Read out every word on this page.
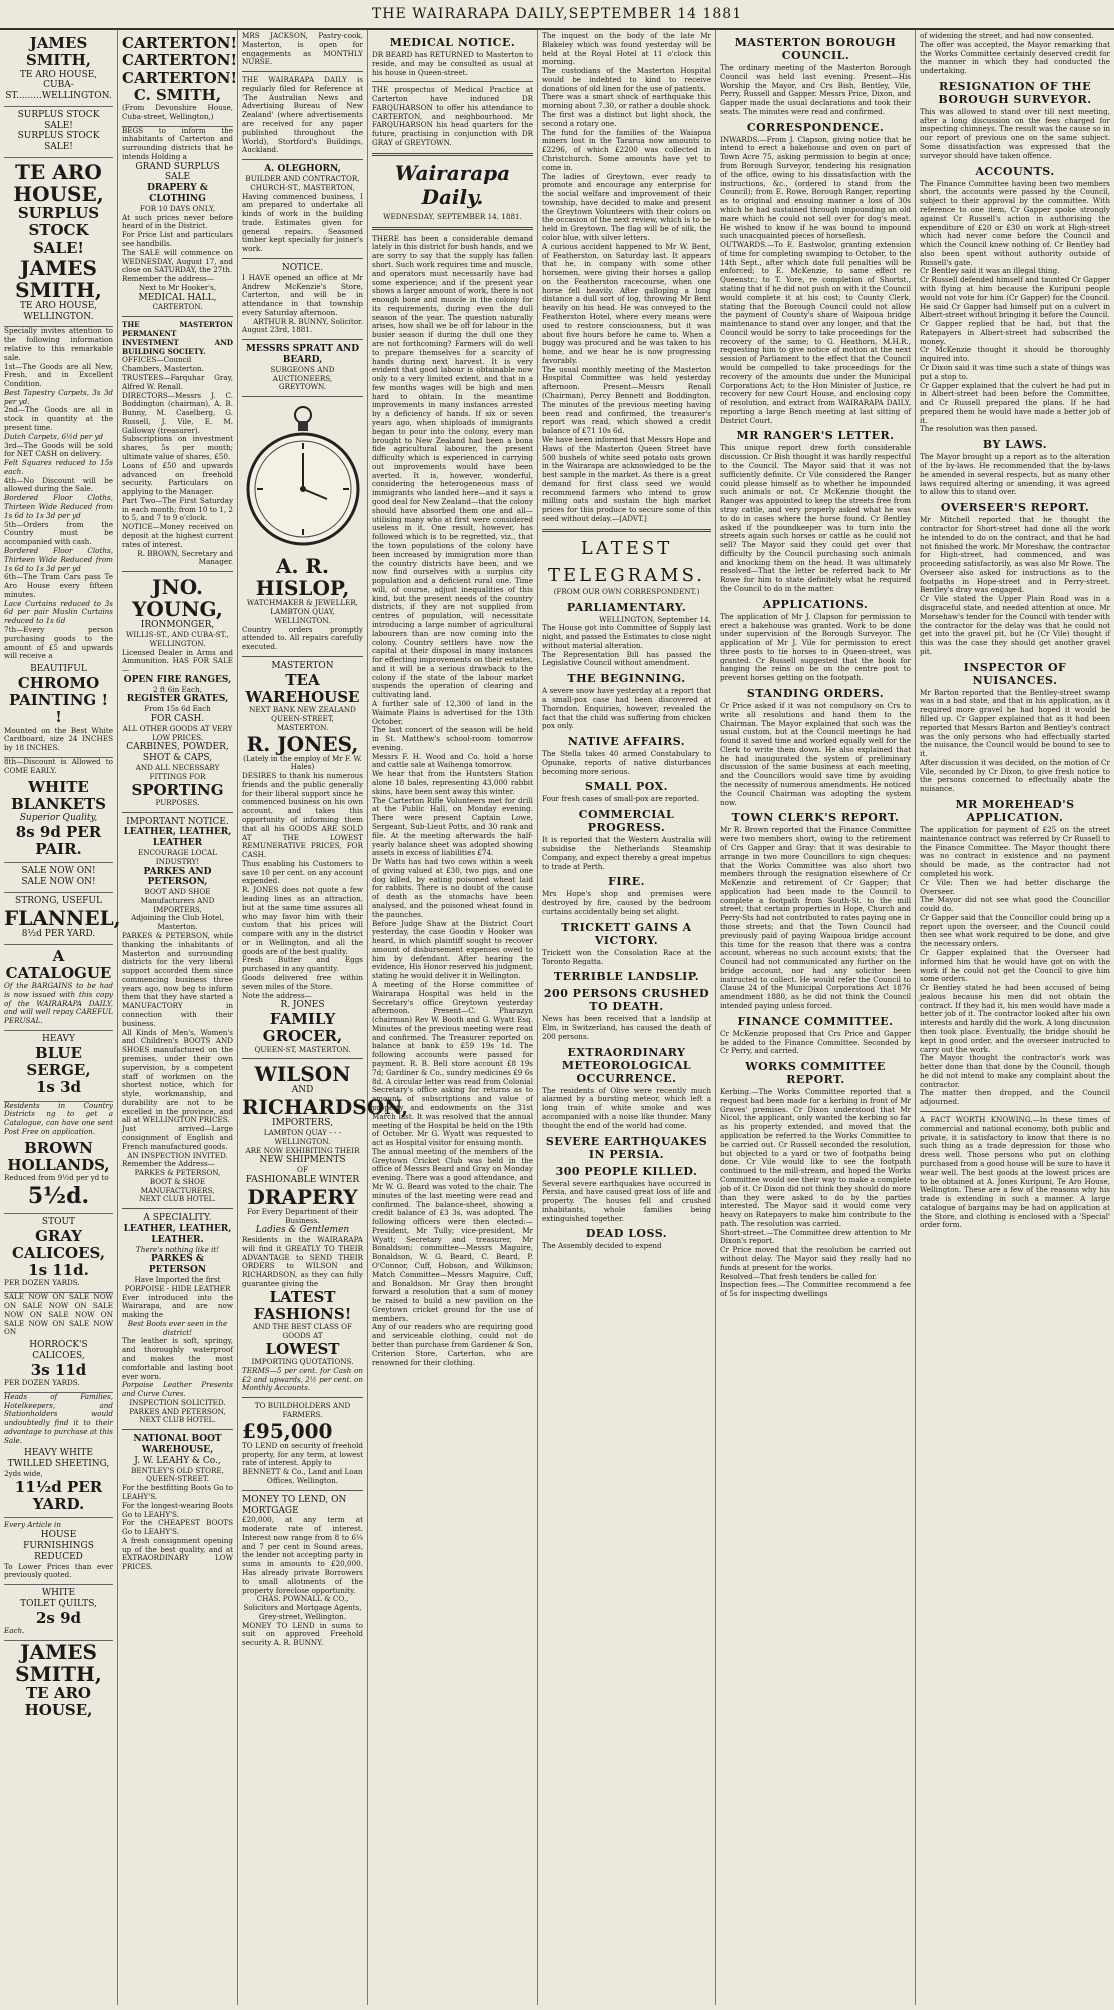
THE WAIRARAPA DAILY,SEPTEMBER 14 1881
JAMES SMITH,
TE ARO HOUSE,
CUBA-ST.........WELLINGTON.
SURPLUS STOCK SALE!
SURPLUS STOCK SALE!
TE ARO HOUSE,
SURPLUS STOCK SALE!
JAMES SMITH,
TE ARO HOUSE, WELLINGTON.
Specially invites attention to the following information relative to this remarkable sale.
1st—The Goods are all New, Fresh, and in Excellent Condition.
Best Tapestry Carpets, 3s 3d per yd.
2nd—The Goods are all in stock in quantity at the present time.
Dutch Carpets, 6½d per yd
3rd—The Goods will be sold for NET CASH on delivery.
Felt Squares reduced to 15s each.
4th—No Discount will be allowed during the Sale.
Bordered Floor Cloths, Thirteen Wide Reduced from 1s 6d to 1s 3d per yd
5th—Orders from the Country must be accompanied with cash.
Bordered Floor Cloths, Thirteen Wide Reduced from 1s 6d to 1s 3d per yd
6th—The Tram Cars pass Te Aro House every fifteen minutes.
Lace Curtains reduced to 3s 6d per pair Muslin Curtains reduced to 1s 6d
7th—Every person purchasing goods to the amount of £5 and upwards will receive a
BEAUTIFUL
CHROMO PAINTING ! !
Mounted on the Best White Cardboard, size 24 INCHES by 18 INCHES.
8th—Discount is Allowed to COME EARLY.
WHITE BLANKETS
Superior Quality,
8s 9d PER PAIR.
SALE NOW ON!
SALE NOW ON!
STRONG, USEFUL
FLANNEL,
8½d PER YARD.
A CATALOGUE
Of the BARGAINS to be had is now issued with this copy of the WAIRARAPA DAILY, and will well repay CAREFUL PERUSAL.
HEAVY
BLUE SERGE,
1s 3d
Residents in Country Districts ng to get a Catalogue, can have one sent Post Free on application.
BROWN HOLLANDS,
Reduced from 9½d per yd to
5½d.
STOUT
GRAY CALICOES,
1s 11d.
PER DOZEN YARDS.
SALE NOW ON SALE NOW ON SALE NOW ON SALE NOW ON SALE NOW ON SALE NOW ON SALE NOW ON
HORROCK'S CALICOES,
3s 11d
PER DOZEN YARDS.
Heads of Families, Hotelkeepers, and Stationholders would undoubtedly find it to their advantage to purchase at this Sale.
HEAVY WHITE
TWILLED SHEETING,
2yds wide,
11½d PER YARD.
Every Article in
HOUSE FURNISHINGS
REDUCED
To Lower Prices than ever previously quoted.
WHITE
TOILET QUILTS,
2s 9d
Each.
JAMES SMITH,
TE ARO HOUSE,
CARTERTON!
CARTERTON!
CARTERTON!
C. SMITH,
(From Devonshire House, Cuba-street, Wellington,)
BEGS to inform the inhabitants of Carterton and surrounding districts that he intends Holding a
GRAND SURPLUS SALE
DRAPERY & CLOTHING
FOR 10 DAYS ONLY,
At such prices never before heard of in the District.
For Price List and particulars see handbills.
The SALE will commence on WEDNESDAY, August 17, and close on SATURDAY, the 27th.
Remember the address—
Next to Mr Hooker's,
MEDICAL HALL,
CARTERTON.
THE MASTERTON PERMANENT INVESTMENT AND BUILDING SOCIETY.
OFFICES—Council Chambers, Masterton.
TRUSTEES—Farquhar Gray, Alfred W. Renall.
DIRECTORS—Messrs J. C. Boddington (chairman), A. B. Bunny, M. Caselberg, G. Russell, J. Vile, E. M. Galloway (treasurer).
Subscriptions on investment shares, 5s per month; ultimate value of shares, £50.
Loans of £50 and upwards advanced on freehold security. Particulars on applying to the Manager.
Part Two—The First Saturday in each month; from 10 to 1, 2 to 5, and 7 to 9 o'clock.
NOTICE—Money received on deposit at the highest current rates of interest.
R. BROWN, Secretary and Manager.
JNO. YOUNG,
IRONMONGER,
WILLIS-ST., AND CUBA-ST., WELLINGTON.
Licensed Dealer in Arms and Ammunition. HAS FOR SALE—
OPEN FIRE RANGES,
2 ft 6in Each,
REGISTER GRATES,
From 15s 6d Each
FOR CASH.
ALL OTHER GOODS AT VERY LOW PRICES.
CARBINES, POWDER, SHOT & CAPS,
AND ALL NECESSARY FITTINGS FOR
SPORTING
PURPOSES.
IMPORTANT NOTICE.
LEATHER, LEATHER, LEATHER
ENCOURAGE LOCAL INDUSTRY!
PARKES AND PETERSON,
BOOT AND SHOE
Manufacturers AND IMPORTERS,
Adjoining the Club Hotel, Masterton.
PARKES & PETERSON, while thanking the inhabitants of Masterton and surrounding districts for the very liberal support accorded them since commencing business three years ago, now beg to inform them that they have started a MANUFACTORY in connection with their business.
All Kinds of Men's, Women's and Children's BOOTS AND SHOES manufactured on the premises, under their own supervision, by a competent staff of workmen on the shortest notice, which for style, workmanship, and durability are not to be excelled in the province, and all at WELLINGTON PRICES.
Just arrived—Large consignment of English and French manufactured goods.
AN INSPECTION INVITED.
Remember the Address—
PARKES & PETERSON,
BOOT & SHOE MANUFACTURERS,
NEXT CLUB HOTEL.
A SPECIALITY.
LEATHER, LEATHER, LEATHER.
There's nothing like it!
PARKES & PETERSON
Have Imported the first PORPOISE - HIDE LEATHER
Ever introduced into the Wairarapa, and are now making the
Best Boots ever seen in the district!
The leather is soft, springy, and thoroughly waterproof and makes the most comfortable and lasting boot ever worn.
Porpoise Leather Presents and Curve Cures.
INSPECTION SOLICITED.
PARKES AND PETERSON,
NEXT CLUB HOTEL.
NATIONAL BOOT WAREHOUSE,
J. W. LEAHY & Co.,
BENTLEY'S OLD STORE, QUEEN-STREET.
For the bestfitting Boots Go to LEAHY'S.
For the longest-wearing Boots Go to LEAHY'S.
For the CHEAPEST BOOTS Go to LEAHY'S.
A fresh consignment opening up of the best quality, and at EXTRAORDINARY LOW PRICES.
MRS JACKSON, Pastry-cook, Masterton, is open for engagements as MONTHLY NURSE.
THE WAIRARAPA DAILY is regularly filed for Reference at 'The Australian News and Advertising Bureau of New Zealand' (where advertisements are received for any paper published throughout the World), Stortford's Buildings, Auckland.
A. OLEGHORN,
BUILDER AND CONTRACTOR,
CHURCH-ST., MASTERTON,
Having commenced business, I am prepared to undertake all kinds of work in the building trade. Estimates given for general repairs. Seasoned timber kept specially for joiner's work.
NOTICE.
I HAVE opened an office at Mr Andrew McKenzie's Store, Carterton, and will be in attendance in that township every Saturday afternoon.
ARTHUR R. BUNNY, Solicitor.
August 23rd, 1881.
MESSRS SPRATT AND BEARD,
SURGEONS AND AUCTIONEERS,
GREYTOWN.
A. R. HISLOP,
WATCHMAKER & JEWELLER,
LAMBTON QUAY, WELLINGTON.
Country orders promptly attended to. All repairs carefully executed.
MASTERTON
TEA WAREHOUSE
NEXT BANK NEW ZEALAND
QUEEN-STREET,
MASTERTON.
R. JONES,
(Lately in the employ of Mr F. W. Hales)
DESIRES to thank his numerous friends and the public generally for their liberal support since he commenced business on his own account, and takes this opportunity of informing them that all his GOODS ARE SOLD AT THE LOWEST REMUNERATIVE PRICES, FOR CASH.
Thus enabling his Customers to save 10 per cent. on any account expended.
R. JONES does not quote a few leading lines as an attraction, but at the same time assures all who may favor him with their custom that his prices will compare with any in the district or in Wellington, and all the goods are of the best quality.
Fresh Butter and Eggs purchased in any quantity.
Goods delivered free within seven miles of the Store.
Note the address—
R. JONES
FAMILY GROCER,
QUEEN-ST, MASTERTON.
WILSON
AND
RICHARDSON,
IMPORTERS,
LAMBTON QUAY - - - WELLINGTON.
ARE NOW EXHIBITING THEIR
NEW SHIPMENTS
OF
FASHIONABLE WINTER
DRAPERY
For Every Department of their Business.
Ladies & Gentlemen
Residents in the WAIRARAPA will find it GREATLY TO THEIR ADVANTAGE to SEND THEIR ORDERS to WILSON and RICHARDSON, as they can fully guarantee giving the
LATEST FASHIONS!
AND THE BEST CLASS OF GOODS AT
LOWEST
IMPORTING QUOTATIONS.
TERMS—5 per cent. for Cash on £2 and upwards, 2½ per cent. on Monthly Accounts.
TO BUILDHOLDERS AND FARMERS.
£95,000
TO LEND on security of freehold property, for any term, at lowest rate of interest. Apply to
BENNETT & Co., Land and Loan Offices, Wellington.
MONEY TO LEND, ON MORTGAGE
£20,000, at any term at moderate rate of interest. Interest now range from 8 to 6¼ and 7 per cent in Sound areas, the lender not accepting party in sums in amounts to £20,000. Has already private Borrowers to small allotments of the property foreclose opportunity.
CHAS. POWNALL & CO.,
Solicitors and Mortgage Agents, Grey-street, Wellington.
MONEY TO LEND in sums to suit on approved Freehold security A. R. BUNNY.
MEDICAL NOTICE.
DR BEARD has RETURNED to Masterton to reside, and may be consulted as usual at his house in Queen-street.
THE prospectus of Medical Practice at Carterton have induced DR FARQUHARSON to offer his attendance to CARTERTON, and neighbourhood. Mr FARQUHARSON his head quarters for the future, practising in conjunction with DR GRAY of GREYTOWN.
Wairarapa Daily.
WEDNESDAY, SEPTEMBER 14, 1881.
THERE has been a considerable demand lately in this district for bush hands, and we are sorry to say that the supply has fallen short. Such work requires time and muscle, and operators must necessarily have had some experience; and if the present year shows a larger amount of work, there is not enough bone and muscle in the colony for its requirements, during even the dull season of the year. The question naturally arises, how shall we be off for labour in the busier season if during the dull one they are not forthcoming? Farmers will do well to prepare themselves for a scarcity of hands during next harvest. It is very evident that good labour is obtainable now only to a very limited extent, and that in a few months wages will be high and men hard to obtain. In the meantime improvements in many instances arrested by a deficiency of hands. If six or seven years ago, when shiploads of immigrants began to pour into the colony, every man brought to New Zealand had been a bona fide agricultural labourer, the present difficulty which is experienced in carrying out improvements would have been averted. It is, however, wonderful, considering the heterogeneous mass of immigrants who landed here—and it says a good deal for New Zealand—that the colony should have absorbed them one and all—utilising many who at first were considered useless in it. One result, however, has followed which is to be regretted, viz., that the town populations of the colony have been increased by immigration more than the country districts have been, and we now find ourselves with a surplus city population and a deficient rural one. Time will, of course, adjust inequalities of this kind, but the present needs of the country districts, if they are not supplied from centres of population, will necessitate introducing a large number of agricultural labourers than are now coming into the colony. Country settlers have now the capital at their disposal in many instances for effecting improvements on their estates, and it will be a serious drawback to the colony if the state of the labour market suspends the operation of clearing and cultivating land.
A further sale of 12,300 of land in the Waimate Plains is advertised for the 13th October.
The last concert of the season will be held in St. Matthew's school-room tomorrow evening.
Messrs F. H. Wood and Co. hold a horse and cattle sale at Waihenga tomorrow.
We hear that from the Huntsters Station alone 18 bales, representing 43,000 rabbit skins, have been sent away this winter.
The Carterton Rifle Volunteers met for drill at the Public Hall, on Monday evening. There were present Captain Lowe, Sergeant, Sub-Lieut Potts, and 30 rank and file. At the meeting afterwards the half-yearly balance sheet was adopted showing assets in excess of liabilities £74.
Dr Watts has had two cows within a week of giving valued at £30, two pigs, and one dog killed, by eating poisoned wheat laid for rabbits. There is no doubt of the cause of death as the stomachs have been analysed, and the poisoned wheat found in the paunches.
Before Judge Shaw at the District Court yesterday, the case Goodin v Hooker was heard, in which plaintiff sought to recover amount of disbursement expenses owed to him by defendant. After hearing the evidence, His Honor reserved his judgment, stating he would deliver it in Wellington.
A meeting of the Horse committee of Wairarapa Hospital was held in the Secretary's office Greytown yesterday afternoon. Present—C. Pharazyn (chairman) Rev W. Booth and G. Wyatt Esq. Minutes of the previous meeting were read and confirmed. The Treasurer reported on balance at bank to £59 19s 1d. The following accounts were passed for payment. R. B. Bell store account £8 19s 7d; Gardiner & Co., sundry medicines £9 6s 8d. A circular letter was read from Colonial Secretary's office asking for returns as to amount of subscriptions and value of property and endowments on the 31st March last. It was resolved that the annual meeting of the Hospital be held on the 19th of October. Mr G. Wyatt was requested to act as Hospital visitor for ensuing month.
The annual meeting of the members of the Greytown Cricket Club was held in the office of Messrs Beard and Gray on Monday evening. There was a good attendance, and Mr W. G. Beard was voted to the chair. The minutes of the last meeting were read and confirmed. The balance-sheet, showing a credit balance of £3 3s, was adopted. The following officers were then elected:—President, Mr Tully; vice-president, Mr Wyatt; Secretary and treasurer, Mr Bonaldson; committee—Messrs Maguire, Bonaldson, W. G. Beard, C. Beard, P. O'Connor, Cuff, Hobson, and Wilkinson; Match Committee—Messrs Maguire, Cuff, and Bonaldson. Mr Gray then brought forward a resolution that a sum of money be raised to build a new pavilion on the Greytown cricket ground for the use of members.
Any of our readers who are requiring good and serviceable clothing, could not do better than purchase from Gardener & Son, Criterion Store, Carterton, who are renowned for their clothing.
The inquest on the body of the late Mr Blakeley which was found yesterday will be held at the Royal Hotel at 11 o'clock this morning.
The custodians of the Masterton Hospital would be indebted to kind to receive donations of old linen for the use of patients.
There was a smart shock of earthquake this morning about 7.30, or rather a double shock. The first was a distinct but light shock, the second a rotary one.
The fund for the families of the Waiapua miners lost in the Tararua now amounts to £2296, of which £2200 was collected in Christchurch. Some amounts have yet to come in.
The ladies of Greytown, ever ready to promote and encourage any enterprise for the social welfare and improvement of their township, have decided to make and present the Greytown Volunteers with their colors on the occasion of the next review, which is to be held in Greytown. The flag will be of silk, the color blue, with silver letters.
A curious accident happened to Mr W. Bent, of Featherston, on Saturday last. It appears that he, in company with some other horsemen, were giving their horses a gallop on the Featherston racecourse, when one horse fell heavily. After galloping a long distance a dull sort of log, throwing Mr Bent heavily on his head. He was conveyed to the Featherston Hotel, where every means were used to restore consciousness, but it was about five hours before he came to. When a buggy was procured and he was taken to his home, and we hear he is now progressing favorably.
The usual monthly meeting of the Masterton Hospital Committee was held yesterday afternoon. Present—Messrs Renall (Chairman), Percy Bennett and Boddington. The minutes of the previous meeting having been read and confirmed, the treasurer's report was read, which showed a credit balance of £71 10s 6d.
We have been informed that Messrs Hope and Haws of the Masterton Queen Street have 500 bushels of white seed potato oats grown in the Wairarapa are acknowledged to be the best sample in the market. As there is a great demand for first class seed we would recommend farmers who intend to grow milling oats and sustain the high market prices for this produce to secure some of this seed without delay.—[ADVT.]
LATEST
TELEGRAMS.
(FROM OUR OWN CORRESPONDENT.)
PARLIAMENTARY.
WELLINGTON, September 14.
The House got into Committee of Supply last night, and passed the Estimates to close night without material alteration.
The Representation Bill has passed the Legislative Council without amendment.
THE BEGINNING.
A severe snow have yesterday at a report that a small-pox case had been discovered at Thorndon. Enquiries, however, revealed the fact that the child was suffering from chicken pox only.
NATIVE AFFAIRS.
The Stella takes 40 armed Constabulary to Opunake, reports of native disturbances becoming more serious.
SMALL POX.
Four fresh cases of small-pox are reported.
COMMERCIAL PROGRESS.
It is reported that the Western Australia will subsidise the Netherlands Steamship Company, and expect thereby a great impetus to trade at Perth.
FIRE.
Mrs Hope's shop and premises were destroyed by fire, caused by the bedroom curtains accidentally being set alight.
TRICKETT GAINS A VICTORY.
Trickett won the Consolation Race at the Toronto Regatta.
TERRIBLE LANDSLIP.
200 PERSONS CRUSHED TO DEATH.
News has been received that a landslip at Elm, in Switzerland, has caused the death of 200 persons.
EXTRAORDINARY METEOROLOGICAL OCCURRENCE.
The residents of Olive were recently much alarmed by a bursting meteor, which left a long train of white smoke and was accompanied with a noise like thunder. Many thought the end of the world had come.
SEVERE EARTHQUAKES IN PERSIA.
300 PEOPLE KILLED.
Several severe earthquakes have occurred in Persia, and have caused great loss of life and property. The houses fell and crushed inhabitants, whole families being extinguished together.
DEAD LOSS.
The Assembly decided to expend
MASTERTON BOROUGH COUNCIL.
The ordinary meeting of the Masterton Borough Council was held last evening. Present—His Worship the Mayor, and Crs Bish, Bentley, Vile, Perry, Russell and Gapper. Messrs Price, Dixon, and Gapper made the usual declarations and took their seats. The minutes were read and confirmed.
CORRESPONDENCE.
INWARDS.—From J. Clapson, giving notice that he intend to erect a bakehouse and oven on part of Town Acre 75, asking permission to begin at once; from Borough Surveyor, tendering his resignation of the office, owing to his dissatisfaction with the instructions, &c., (ordered to stand from the Council); from E. Rowe, Borough Ranger, reporting as to original and ensuing manner a loss of 30s which he had sustained through impounding an old mare which he could not sell over for dog's meat. He wished to know if he was bound to impound such unacquainted pieces of horseflesh.
OUTWARDS.—To E. Eastwolor, granting extension of time for completing swamping to October, to the 14th Sept., after which date full penalties will be enforced; to E. McKenzie, to same effect re Queenstr.; to T. Yore, re completion of Shortst., stating that if he did not push on with it the Council would complete it at his cost; to County Clerk, stating that the Borough Council could not allow the payment of County's share of Waipoua bridge maintenance to stand over any longer, and that the Council would be sorry to take proceedings for the recovery of the same; to G. Heathorn, M.H.R., requesting him to give notice of motion at the next session of Parliament to the effect that the Council would be compelled to take proceedings for the recovery of the amounts due under the Municipal Corporations Act; to the Hon Minister of Justice, re recovery for new Court House, and enclosing copy of resolution, and extract from WAIRARAPA DAILY, reporting a large Bench meeting at last sitting of District Court.
MR RANGER'S LETTER.
This unique report drew forth considerable discussion. Cr Bish thought it was hardly respectful to the Council. The Mayor said that it was not sufficiently definite. Cr Vile considered the Ranger could please himself as to whether he impounded such animals or not. Cr McKenzie thought the Ranger was appointed to keep the streets free from stray cattle, and very properly asked what he was to do in cases where the horse found. Cr Bentley asked if the poundkeeper was to turn into the streets again such horses or cattle as he could not sell? The Mayor said they could get over that difficulty by the Council purchasing such animals and knocking them on the head. It was ultimately resolved—That the letter be referred back to Mr Rowe for him to state definitely what he required the Council to do in the matter.
APPLICATIONS.
The application of Mr J. Clapson for permission to erect a bakehouse was granted. Work to be done under supervision of the Borough Surveyor. The application of Mr J. Vile for permission to erect three posts to tie horses to in Queen-street, was granted. Cr Russell suggested that the hook for hanging the reins on be on the centre post to prevent horses getting on the footpath.
STANDING ORDERS.
Cr Price asked if it was not compulsory on Crs to write all resolutions and hand them to the Chairman. The Mayor explained that such was the usual custom, but at the Council meetings he had found it saved time and worked equally well for the Clerk to write them down. He also explained that he had inaugurated the system of preliminary discussion of the same business at each meeting, and the Councillors would save time by avoiding the necessity of numerous amendments. He noticed the Council Chairman was adopting the system now.
TOWN CLERK'S REPORT.
Mr R. Brown reported that the Finance Committee were two members short, owing to the retirement of Crs Gapper and Gray: that it was desirable to arrange in two more Councillors to sign cheques: that the Works Committee was also short two members through the resignation elsewhere of Cr McKenzie and retirement of Cr Gapper; that application had been made to the Council to complete a footpath from South-St. to the mill street; that certain properties in Hope, Church and Perry-Sts had not contributed to rates paying one in those streets; and that the Town Council had previously paid of paying Waipoua bridge account this time for the reason that there was a contra account, whereas no such account exists; that the Council had not communicated any further on the bridge account, nor had any solicitor been instructed to collect. He would refer the Council to Clause 24 of the Municipal Corporations Act 1876 amendment 1880, as he did not think the Council intended paying unless forced.
FINANCE COMMITTEE.
Cr McKenzie proposed that Crs Price and Gapper be added to the Finance Committee. Seconded by Cr Perry, and carried.
WORKS COMMITTEE REPORT.
Kerbing.—The Works Committee reported that a request had been made for a kerbing in front of Mr Graves' premises. Cr Dixon understood that Mr Nicol, the applicant, only wanted the kerbing so far as his property extended, and moved that the application be referred to the Works Committee to be carried out. Cr Russell seconded the resolution, but objected to a yard or two of footpaths being done. Cr Vile would like to see the footpath continued to the mill-stream, and hoped the Works Committee would see their way to make a complete job of it. Cr Dixon did not think they should do more than they were asked to do by the parties interested. The Mayor said it would come very heavy on Ratepayers to make him contribute to the path. The resolution was carried.
Short-street.—The Committee drew attention to Mr Dixon's report.
Cr Price moved that the resolution be carried out without delay. The Mayor said they really had no funds at present for the works.
Resolved—That fresh tenders be called for.
Inspection fees.—The Committee recommend a fee of 5s for inspecting dwellings
of widening the street, and had now consented.
The offer was accepted, the Mayor remarking that the Works Committee certainly deserved credit for the manner in which they had conducted the undertaking.
RESIGNATION OF THE BOROUGH SURVEYOR.
This was allowed to stand over till next meeting, after a long discussion on the fees charged for inspecting chimneys. The result was the cause so in our report of previous one on the same subject. Some dissatisfaction was expressed that the surveyor should have taken offence.
ACCOUNTS.
The Finance Committee having been two members short, the accounts were passed by the Council, subject to their approval by the committee. With reference to one item, Cr Gapper spoke strongly against Cr Russell's action in authorising the expenditure of £20 or £30 on work at High-street which had never come before the Council and which the Council knew nothing of. Cr Bentley had also been spent without authority outside of Russell's gate.
Cr Bentley said it was an illegal thing.
Cr Russell defended himself and taunted Cr Gapper with flying at him because the Kuripuni people would not vote for him (Cr Gapper) for the Council. He said Cr Gapper had himself put on a culvert in Albert-street without bringing it before the Council.
Cr Gapper replied that he had, but that the Ratepayers in Albert-street had subscribed the money.
Cr McKenzie thought it should be thoroughly inquired into.
Cr Dixon said it was time such a state of things was put a stop to.
Cr Gapper explained that the culvert he had put in in Albert-street had been before the Committee, and Cr Russell prepared the plans. If he had prepared them he would have made a better job of it.
The resolution was then passed.
BY LAWS.
The Mayor brought up a report as to the alteration of the by-laws. He recommended that the by-laws be amended in several respects, but as many other laws required altering or amending, it was agreed to allow this to stand over.
OVERSEER'S REPORT.
Mr Mitchell reported that he thought the contractor for Short-street had done all the work he intended to do on the contract, and that he had not finished the work. Mr Moreshaw, the contractor for High-street, had commenced, and was proceeding satisfactorily, as was also Mr Rowe. The Overseer also asked for instructions as to the footpaths in Hope-street and in Perry-street. Bentley's dray was engaged.
Cr Vile stated the Upper Plain Road was in a disgraceful state, and needed attention at once. Mr Morsehaw's tender for the Council with tender with the contractor for the delay was that he could not get into the gravel pit, but he (Cr Vile) thought if this was the case they should get another gravel pit.
INSPECTOR OF NUISANCES.
Mr Barton reported that the Bentley-street swamp was in a bad state, and that in his application, as it required more gravel he had hoped it would be filled up. Cr Gapper explained that as it had been reported that Messrs Barton and Bentley's contract was the only persons who had effectually started the nuisance, the Council would be bound to see to it.
After discussion it was decided, on the motion of Cr Vile, seconded by Cr Dixon, to give fresh notice to the persons concerned to effectually abate the nuisance.
MR MOREHEAD'S APPLICATION.
The application for payment of £25 on the street maintenance contract was referred by Cr Russell to the Finance Committee. The Mayor thought there was no contract in existence and no payment should be made, as the contractor had not completed his work.
Cr Vile: Then we had better discharge the Overseer.
The Mayor did not see what good the Councillor could do.
Cr Gapper said that the Councillor could bring up a report upon the overseer, and the Council could then see what work required to be done, and give the necessary orders.
Cr Gapper explained that the Overseer had informed him that he would have got on with the work if he could not get the Council to give him some orders.
Cr Bentley stated he had been accused of being jealous because his men did not obtain the contract. If they had it, his men would have made a better job of it. The contractor looked after his own interests and hardly did the work. A long discussion then took place. Eventually, the bridge should be kept in good order, and the overseer instructed to carry out the work.
The Mayor thought the contractor's work was better done than that done by the Council, though he did not intend to make any complaint about the contractor.
The matter then dropped, and the Council adjourned.
A FACT WORTH KNOWING.—In these times of commercial and national economy, both public and private, it is satisfactory to know that there is no such thing as a trade depression for those who dress well. Those persons who put on clothing purchased from a good house will be sure to have it wear well. The best goods at the lowest prices are to be obtained at A. Jones Kuripuni, Te Aro House, Wellington. These are a few of the reasons why his trade is extending in such a manner. A large catalogue of bargains may be had on application at the Store, and clothing is enclosed with a 'Special' order form.
